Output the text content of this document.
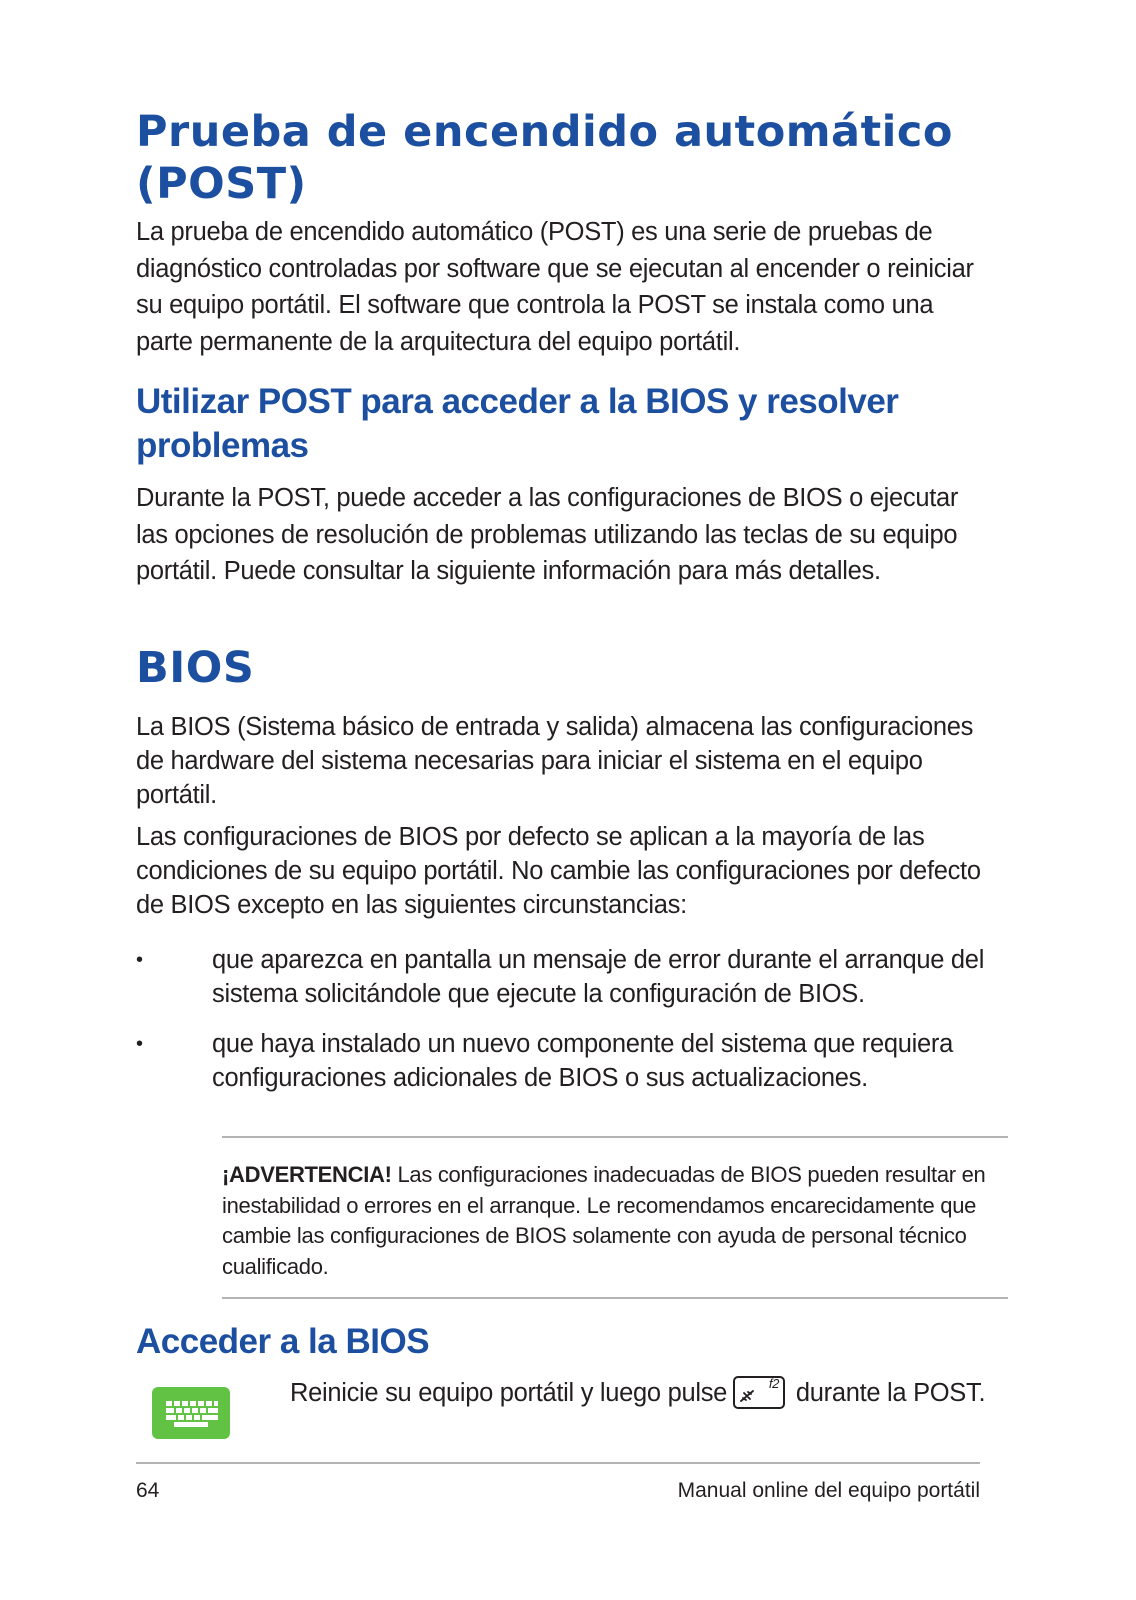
Prueba de encendido automático
(POST)

La prueba de encendido automático (POST) es una serie de pruebas de diagnóstico controladas por software que se ejecutan al encender o reiniciar su equipo portátil. El software que controla la POST se instala como una parte permanente de la arquitectura del equipo portátil.

Utilizar POST para acceder a la BIOS y resolver problemas

Durante la POST, puede acceder a las configuraciones de BIOS o ejecutar las opciones de resolución de problemas utilizando las teclas de su equipo portátil. Puede consultar la siguiente información para más detalles.

BIOS

La BIOS (Sistema básico de entrada y salida) almacena las configuraciones de hardware del sistema necesarias para iniciar el sistema en el equipo portátil.

Las configuraciones de BIOS por defecto se aplican a la mayoría de las condiciones de su equipo portátil. No cambie las configuraciones por defecto de BIOS excepto en las siguientes circunstancias:

•	que aparezca en pantalla un mensaje de error durante el arranque del sistema solicitándole que ejecute la configuración de BIOS.
•	que haya instalado un nuevo componente del sistema que requiera configuraciones adicionales de BIOS o sus actualizaciones.
¡ADVERTENCIA! Las configuraciones inadecuadas de BIOS pueden resultar en inestabilidad o errores en el arranque. Le recomendamos encarecidamente que cambie las configuraciones de BIOS solamente con ayuda de personal técnico cualificado.
Acceder a la BIOS
Reinicie su equipo portátil y luego pulse	f2 durante la POST.
64	Manual online del equipo portátil
